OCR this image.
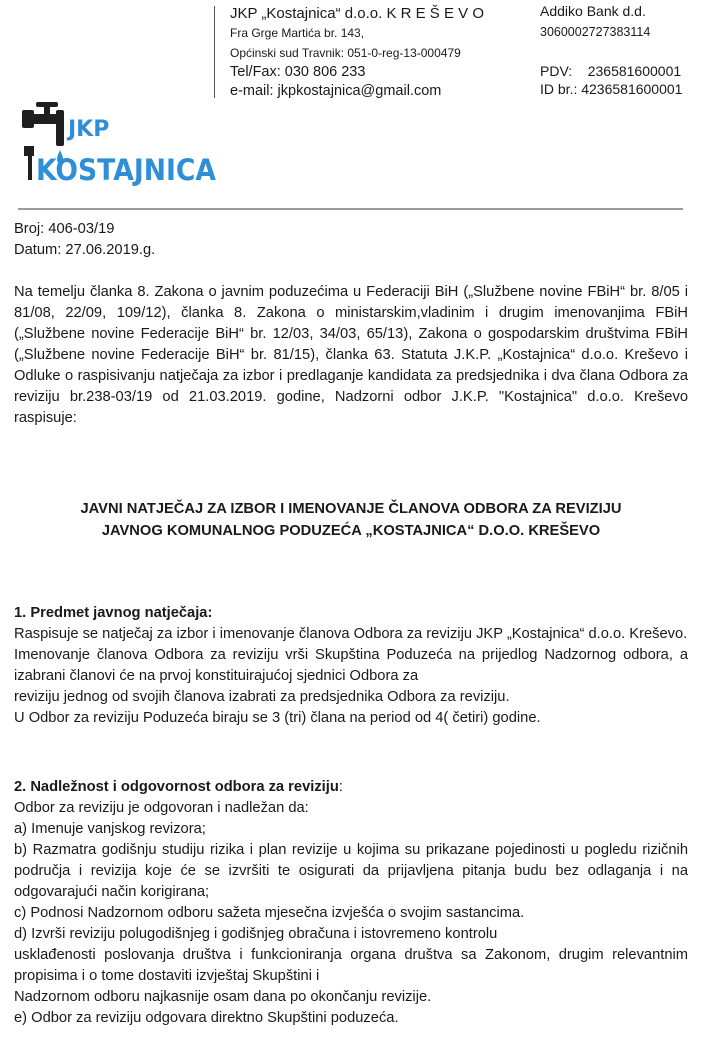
JKP „Kostajnica“ d.o.o. K R E Š E V O
Fra Grge Martića br. 143,
Općinski sud Travnik: 051-0-reg-13-000479
Tel/Fax: 030 806 233
e-mail: jkpkostajnica@gmail.com
Addiko Bank d.d.
3060002727383114
PDV:    236581600001
ID br.: 4236581600001
JKP
KOSTAJNICA

Broj: 406-03/19

Datum: 27.06.2019.g.

Na temelju članka 8. Zakona o javnim poduzećima u Federaciji BiH („Službene novine FBiH“ br. 8/05 i 81/08, 22/09, 109/12), članka 8. Zakona o ministarskim,vladinim i drugim imenovanjima FBiH („Službene novine Federacije BiH“ br. 12/03, 34/03, 65/13), Zakona o gospodarskim društvima FBiH („Službene novine Federacije BiH“ br. 81/15), članka 63. Statuta J.K.P. „Kostajnica“ d.o.o. Kreševo i Odluke o raspisivanju natječaja za izbor i predlaganje kandidata za predsjednika i dva člana Odbora za reviziju br.238-03/19 od 21.03.2019. godine, Nadzorni odbor J.K.P. "Kostajnica" d.o.o. Kreševo raspisuje:

JAVNI NATJEČAJ ZA IZBOR I IMENOVANJE ČLANOVA ODBORA ZA REVIZIJU
JAVNOG KOMUNALNOG PODUZEĆA „KOSTAJNICA“ D.O.O. KREŠEVO

1. Predmet javnog natječaja:

Raspisuje se natječaj za izbor i imenovanje članova Odbora za reviziju JKP „Kostajnica“ d.o.o. Kreševo.

Imenovanje članova Odbora za reviziju vrši Skupština Poduzeća na prijedlog Nadzornog odbora, a izabrani članovi će na prvoj konstituirajućoj sjednici Odbora za

reviziju jednog od svojih članova izabrati za predsjednika Odbora za reviziju.

U Odbor za reviziju Poduzeća biraju se 3 (tri) člana na period od 4( četiri) godine.

2. Nadležnost i odgovornost odbora za reviziju:

Odbor za reviziju je odgovoran i nadležan da:

a) Imenuje vanjskog revizora;

b) Razmatra godišnju studiju rizika i plan revizije u kojima su prikazane pojedinosti u pogledu rizičnih područja i revizija koje će se izvršiti te osigurati da prijavljena pitanja budu bez odlaganja i na odgovarajući način korigirana;

c) Podnosi Nadzornom odboru sažeta mjesečna izvješća o svojim sastancima.

d) Izvrši reviziju polugodišnjeg i godišnjeg obračuna i istovremeno kontrolu

usklađenosti poslovanja društva i funkcioniranja organa društva sa Zakonom, drugim relevantnim propisima i o tome dostaviti izvještaj Skupštini i

Nadzornom odboru najkasnije osam dana po okončanju revizije.

e) Odbor za reviziju odgovara direktno Skupštini poduzeća.
